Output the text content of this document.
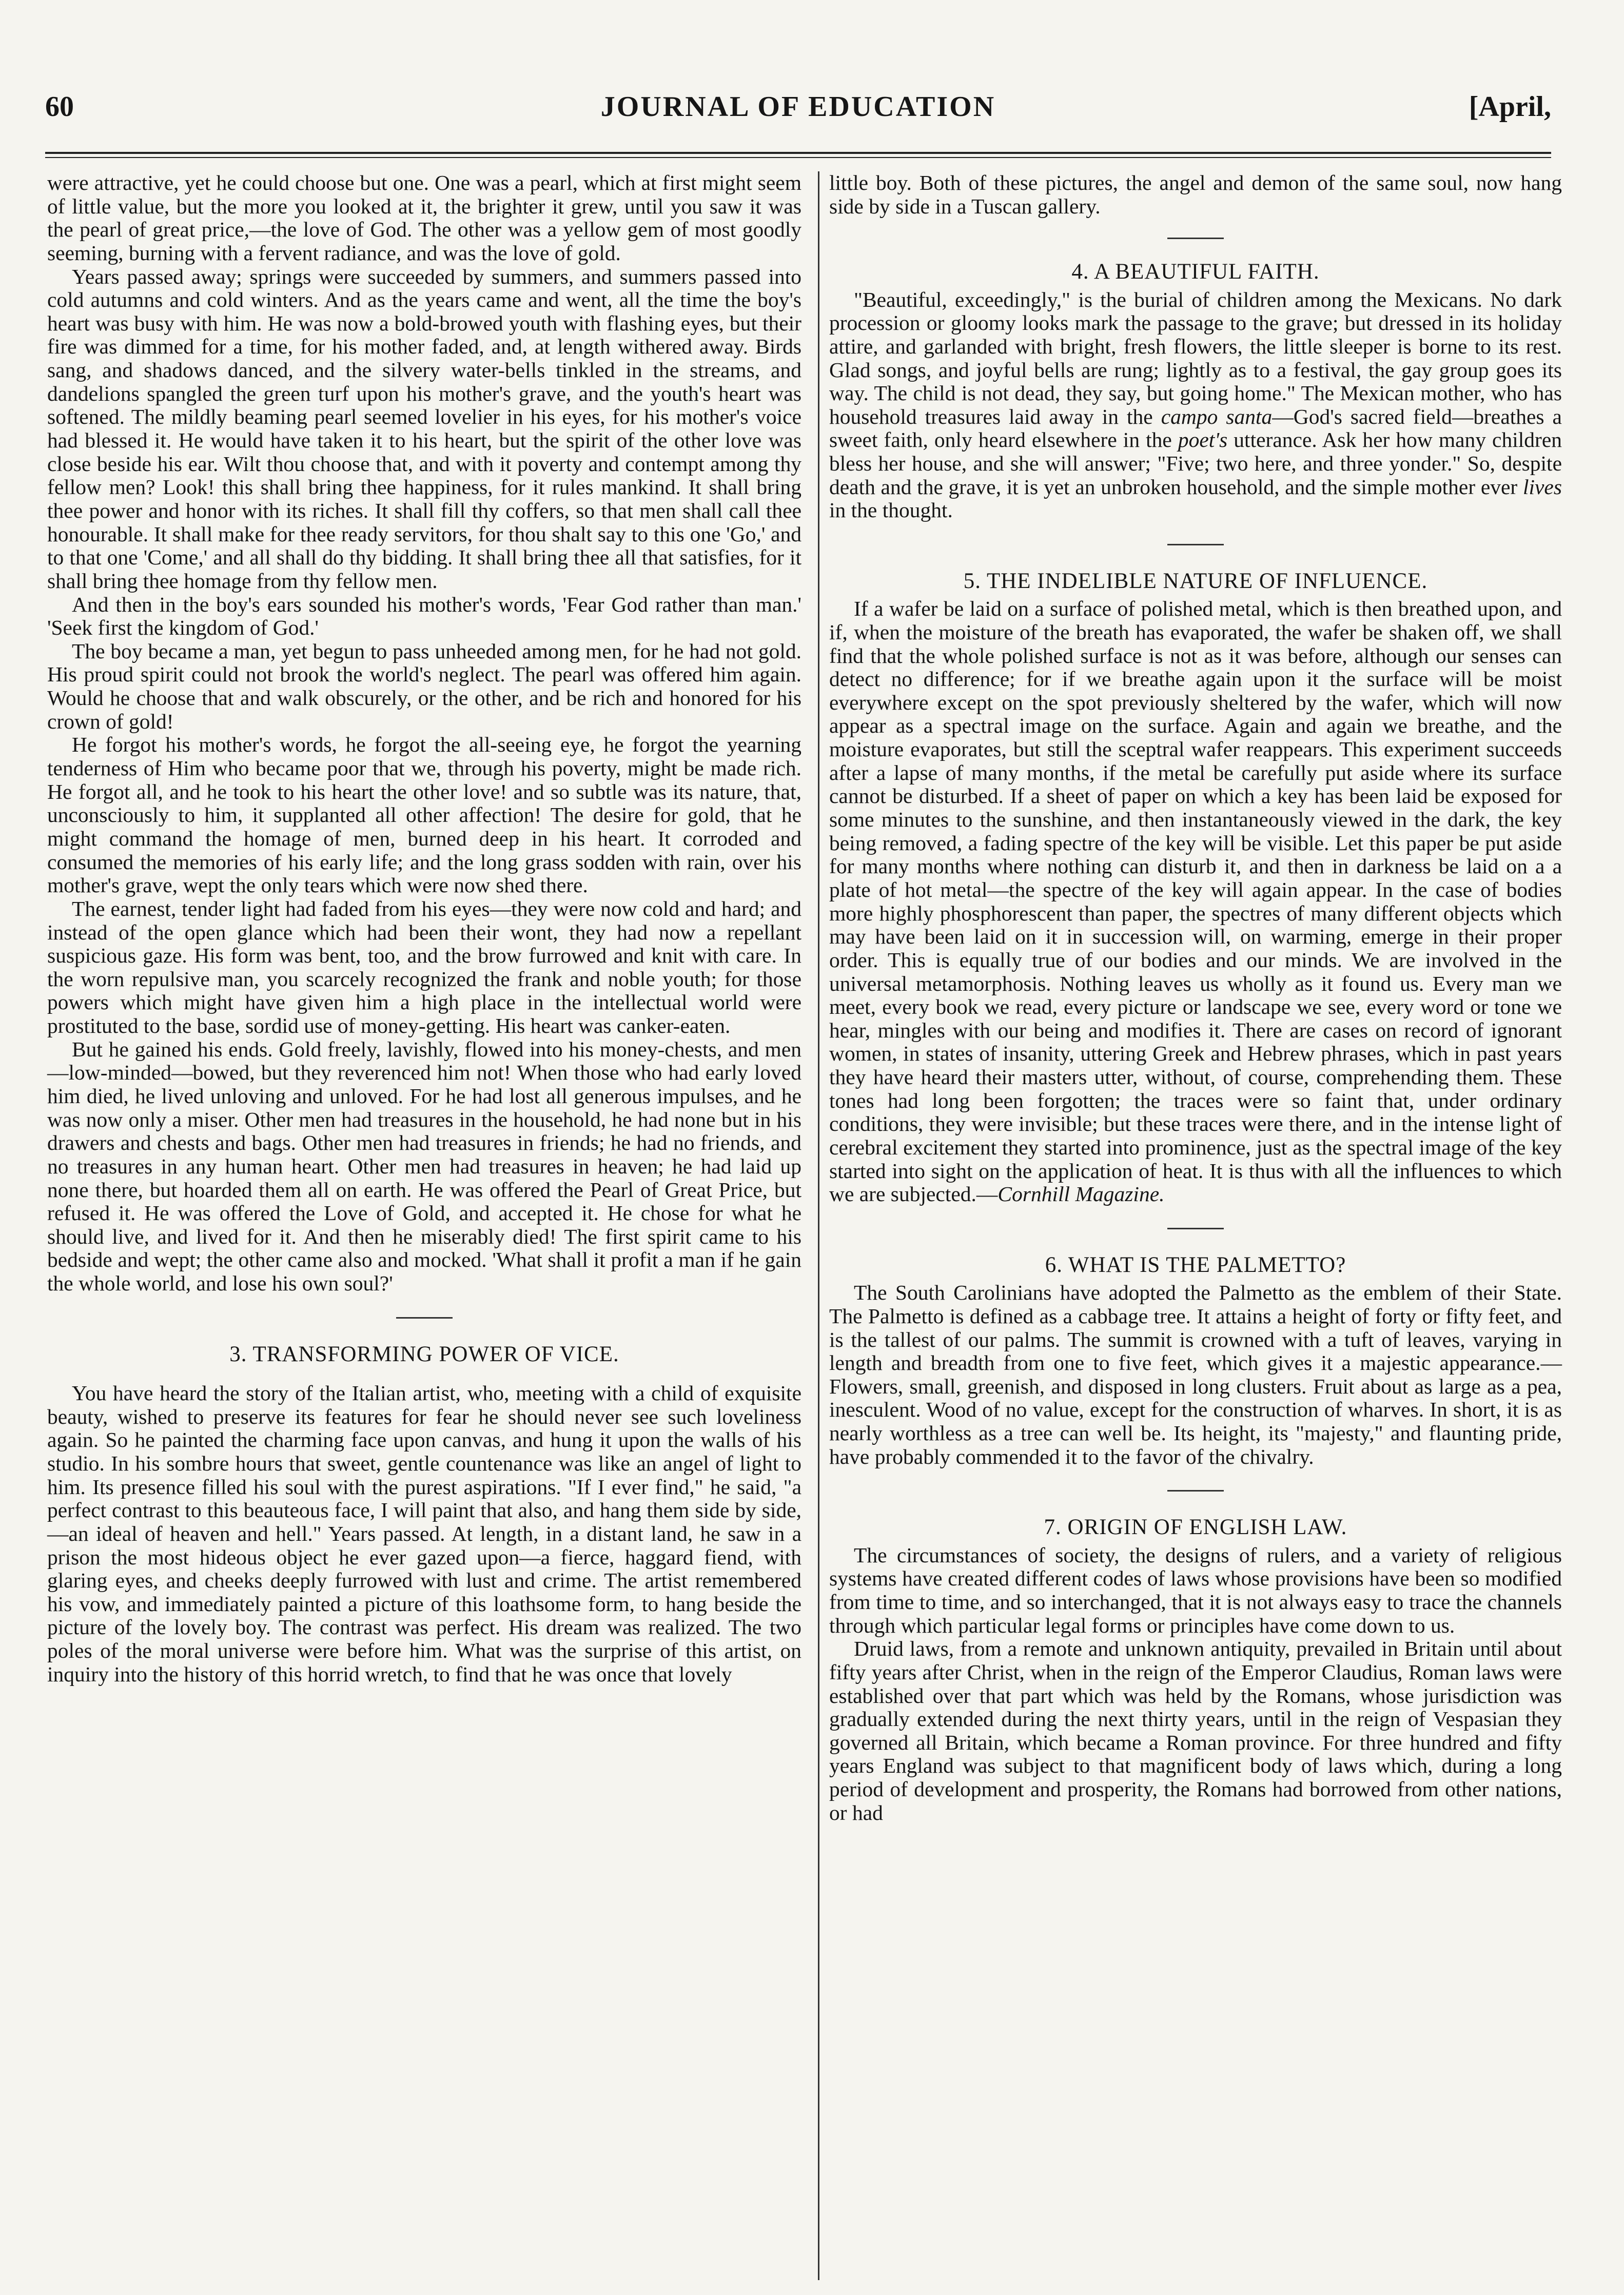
60	JOURNAL OF EDUCATION	[April,

were attractive, yet he could choose but one. One was a pearl, which at first might seem of little value, but the more you looked at it, the brighter it grew, until you saw it was the pearl of great price,—the love of God. The other was a yellow gem of most goodly seeming, burning with a fervent radiance, and was the love of gold.

Years passed away; springs were succeeded by summers, and summers passed into cold autumns and cold winters. And as the years came and went, all the time the boy's heart was busy with him. He was now a bold-browed youth with flashing eyes, but their fire was dimmed for a time, for his mother faded, and, at length withered away. Birds sang, and shadows danced, and the silvery water-bells tinkled in the streams, and dandelions spangled the green turf upon his mother's grave, and the youth's heart was softened. The mildly beaming pearl seemed lovelier in his eyes, for his mother's voice had blessed it. He would have taken it to his heart, but the spirit of the other love was close beside his ear. Wilt thou choose that, and with it poverty and contempt among thy fellow men? Look! this shall bring thee happiness, for it rules mankind. It shall bring thee power and honor with its riches. It shall fill thy coffers, so that men shall call thee honourable. It shall make for thee ready servitors, for thou shalt say to this one 'Go,' and to that one 'Come,' and all shall do thy bidding. It shall bring thee all that satisfies, for it shall bring thee homage from thy fellow men.

And then in the boy's ears sounded his mother's words, 'Fear God rather than man.' 'Seek first the kingdom of God.'

The boy became a man, yet begun to pass unheeded among men, for he had not gold. His proud spirit could not brook the world's neglect. The pearl was offered him again. Would he choose that and walk obscurely, or the other, and be rich and honored for his crown of gold!

He forgot his mother's words, he forgot the all-seeing eye, he forgot the yearning tenderness of Him who became poor that we, through his poverty, might be made rich. He forgot all, and he took to his heart the other love! and so subtle was its nature, that, unconsciously to him, it supplanted all other affection! The desire for gold, that he might command the homage of men, burned deep in his heart. It corroded and consumed the memories of his early life; and the long grass sodden with rain, over his mother's grave, wept the only tears which were now shed there.

The earnest, tender light had faded from his eyes—they were now cold and hard; and instead of the open glance which had been their wont, they had now a repellant suspicious gaze. His form was bent, too, and the brow furrowed and knit with care. In the worn repulsive man, you scarcely recognized the frank and noble youth; for those powers which might have given him a high place in the intellectual world were prostituted to the base, sordid use of money-getting. His heart was canker-eaten.

But he gained his ends. Gold freely, lavishly, flowed into his money-chests, and men—low-minded—bowed, but they reverenced him not! When those who had early loved him died, he lived unloving and unloved. For he had lost all generous impulses, and he was now only a miser. Other men had treasures in the household, he had none but in his drawers and chests and bags. Other men had treasures in friends; he had no friends, and no treasures in any human heart. Other men had treasures in heaven; he had laid up none there, but hoarded them all on earth. He was offered the Pearl of Great Price, but refused it. He was offered the Love of Gold, and accepted it. He chose for what he should live, and lived for it. And then he miserably died! The first spirit came to his bedside and wept; the other came also and mocked. 'What shall it profit a man if he gain the whole world, and lose his own soul?'

3. TRANSFORMING POWER OF VICE.

You have heard the story of the Italian artist, who, meeting with a child of exquisite beauty, wished to preserve its features for fear he should never see such loveliness again. So he painted the charming face upon canvas, and hung it upon the walls of his studio. In his sombre hours that sweet, gentle countenance was like an angel of light to him. Its presence filled his soul with the purest aspirations. "If I ever find," he said, "a perfect contrast to this beauteous face, I will paint that also, and hang them side by side,—an ideal of heaven and hell." Years passed. At length, in a distant land, he saw in a prison the most hideous object he ever gazed upon—a fierce, haggard fiend, with glaring eyes, and cheeks deeply furrowed with lust and crime. The artist remembered his vow, and immediately painted a picture of this loathsome form, to hang beside the picture of the lovely boy. The contrast was perfect. His dream was realized. The two poles of the moral universe were before him. What was the surprise of this artist, on inquiry into the history of this horrid wretch, to find that he was once that lovely

little boy. Both of these pictures, the angel and demon of the same soul, now hang side by side in a Tuscan gallery.

4. A BEAUTIFUL FAITH.

"Beautiful, exceedingly," is the burial of children among the Mexicans. No dark procession or gloomy looks mark the passage to the grave; but dressed in its holiday attire, and garlanded with bright, fresh flowers, the little sleeper is borne to its rest. Glad songs, and joyful bells are rung; lightly as to a festival, the gay group goes its way. The child is not dead, they say, but going home." The Mexican mother, who has household treasures laid away in the campo santa—God's sacred field—breathes a sweet faith, only heard elsewhere in the poet's utterance. Ask her how many children bless her house, and she will answer; "Five; two here, and three yonder." So, despite death and the grave, it is yet an unbroken household, and the simple mother ever lives in the thought.

5. THE INDELIBLE NATURE OF INFLUENCE.

If a wafer be laid on a surface of polished metal, which is then breathed upon, and if, when the moisture of the breath has evaporated, the wafer be shaken off, we shall find that the whole polished surface is not as it was before, although our senses can detect no difference; for if we breathe again upon it the surface will be moist everywhere except on the spot previously sheltered by the wafer, which will now appear as a spectral image on the surface. Again and again we breathe, and the moisture evaporates, but still the sceptral wafer reappears. This experiment succeeds after a lapse of many months, if the metal be carefully put aside where its surface cannot be disturbed. If a sheet of paper on which a key has been laid be exposed for some minutes to the sunshine, and then instantaneously viewed in the dark, the key being removed, a fading spectre of the key will be visible. Let this paper be put aside for many months where nothing can disturb it, and then in darkness be laid on a a plate of hot metal—the spectre of the key will again appear. In the case of bodies more highly phosphorescent than paper, the spectres of many different objects which may have been laid on it in succession will, on warming, emerge in their proper order. This is equally true of our bodies and our minds. We are involved in the universal metamorphosis. Nothing leaves us wholly as it found us. Every man we meet, every book we read, every picture or landscape we see, every word or tone we hear, mingles with our being and modifies it. There are cases on record of ignorant women, in states of insanity, uttering Greek and Hebrew phrases, which in past years they have heard their masters utter, without, of course, comprehending them. These tones had long been forgotten; the traces were so faint that, under ordinary conditions, they were invisible; but these traces were there, and in the intense light of cerebral excitement they started into prominence, just as the spectral image of the key started into sight on the application of heat. It is thus with all the influences to which we are subjected.—Cornhill Magazine.

6. WHAT IS THE PALMETTO?

The South Carolinians have adopted the Palmetto as the emblem of their State. The Palmetto is defined as a cabbage tree. It attains a height of forty or fifty feet, and is the tallest of our palms. The summit is crowned with a tuft of leaves, varying in length and breadth from one to five feet, which gives it a majestic appearance.—Flowers, small, greenish, and disposed in long clusters. Fruit about as large as a pea, inesculent. Wood of no value, except for the construction of wharves. In short, it is as nearly worthless as a tree can well be. Its height, its "majesty," and flaunting pride, have probably commended it to the favor of the chivalry.

7. ORIGIN OF ENGLISH LAW.

The circumstances of society, the designs of rulers, and a variety of religious systems have created different codes of laws whose provisions have been so modified from time to time, and so interchanged, that it is not always easy to trace the channels through which particular legal forms or principles have come down to us.

Druid laws, from a remote and unknown antiquity, prevailed in Britain until about fifty years after Christ, when in the reign of the Emperor Claudius, Roman laws were established over that part which was held by the Romans, whose jurisdiction was gradually extended during the next thirty years, until in the reign of Vespasian they governed all Britain, which became a Roman province. For three hundred and fifty years England was subject to that magnificent body of laws which, during a long period of development and prosperity, the Romans had borrowed from other nations, or had
